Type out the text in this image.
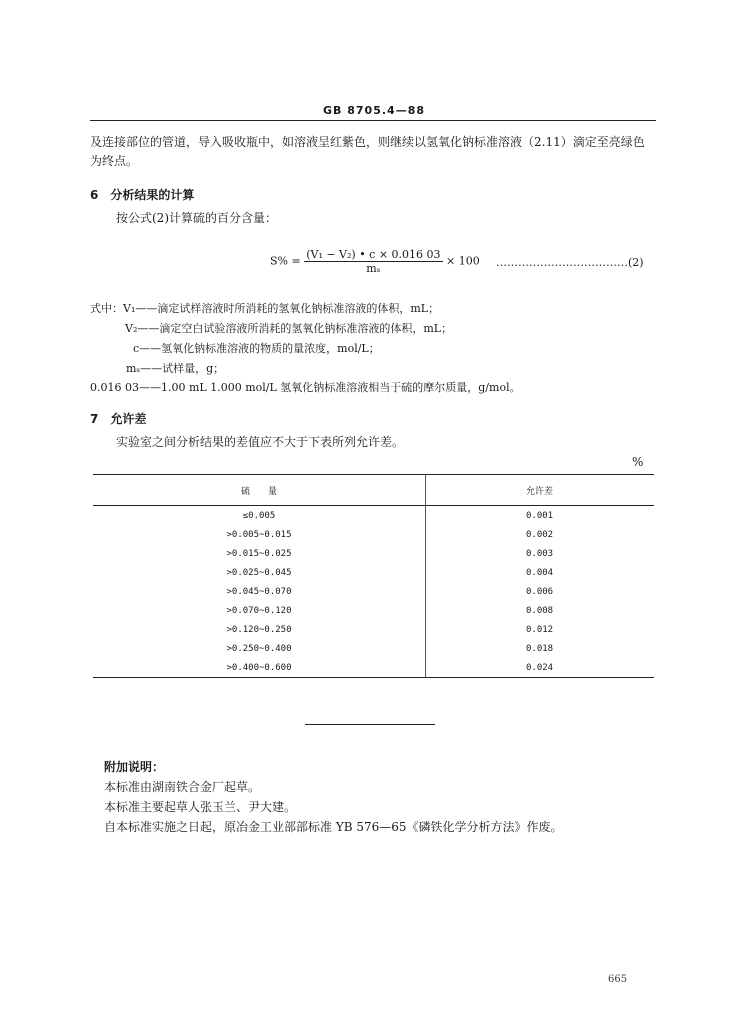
GB 8705.4—88
及连接部位的管道，导入吸收瓶中，如溶液呈红紫色，则继续以氢氧化钠标准溶液（2.11）滴定至亮绿色
为终点。
6　分析结果的计算
按公式(2)计算硫的百分含量：
$S\% = \frac{\text{(V₁ − V₂) • c × 0.016 03}}{\text{mₛ}} \times 100$ ………………………………(2)
式中：V₁——滴定试样溶液时所消耗的氢氧化钠标准溶液的体积，mL；
V₂——滴定空白试验溶液所消耗的氢氧化钠标准溶液的体积，mL；
c——氢氧化钠标准溶液的物质的量浓度，mol/L；
mₛ——试样量，g；
0.016 03——1.00 mL 1.000 mol/L 氢氧化钠标准溶液相当于硫的摩尔质量，g/mol。
7　允许差
实验室之间分析结果的差值应不大于下表所列允许差。
%
硫　　量	允许差
≤0.005	0.001
>0.005~0.015	0.002
>0.015~0.025	0.003
>0.025~0.045	0.004
>0.045~0.070	0.006
>0.070~0.120	0.008
>0.120~0.250	0.012
>0.250~0.400	0.018
>0.400~0.600	0.024
附加说明：
本标准由湖南铁合金厂起草。
本标准主要起草人张玉兰、尹大建。
自本标准实施之日起，原冶金工业部部标准 YB 576—65《磷铁化学分析方法》作废。
665
